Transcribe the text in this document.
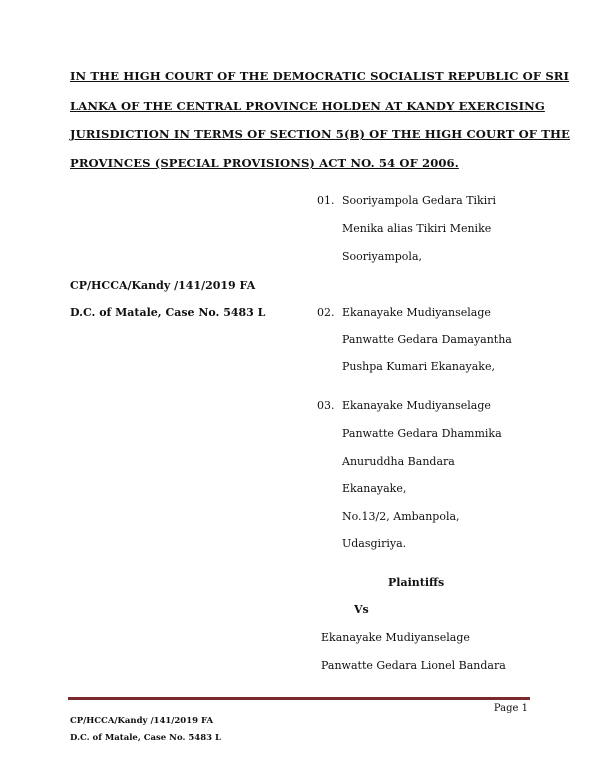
IN THE HIGH COURT OF THE DEMOCRATIC SOCIALIST REPUBLIC OF SRI
LANKA OF THE CENTRAL PROVINCE HOLDEN AT KANDY EXERCISING
JURISDICTION IN TERMS OF SECTION 5(B) OF THE HIGH COURT OF THE
PROVINCES (SPECIAL PROVISIONS) ACT NO. 54 OF 2006.
01. Sooriyampola Gedara Tikiri
Menika alias Tikiri Menike
Sooriyampola,
CP/HCCA/Kandy /141/2019 FA
D.C. of Matale, Case No. 5483 L	02. Ekanayake Mudiyanselage
Panwatte Gedara Damayantha
Pushpa Kumari Ekanayake,
03. Ekanayake Mudiyanselage
Panwatte Gedara Dhammika
Anuruddha Bandara
Ekanayake,
No.13/2, Ambanpola,
Udasgiriya.
Plaintiffs
Vs
Ekanayake Mudiyanselage
Panwatte Gedara Lionel Bandara
Page 1
CP/HCCA/Kandy /141/2019 FA
D.C. of Matale, Case No. 5483 L
